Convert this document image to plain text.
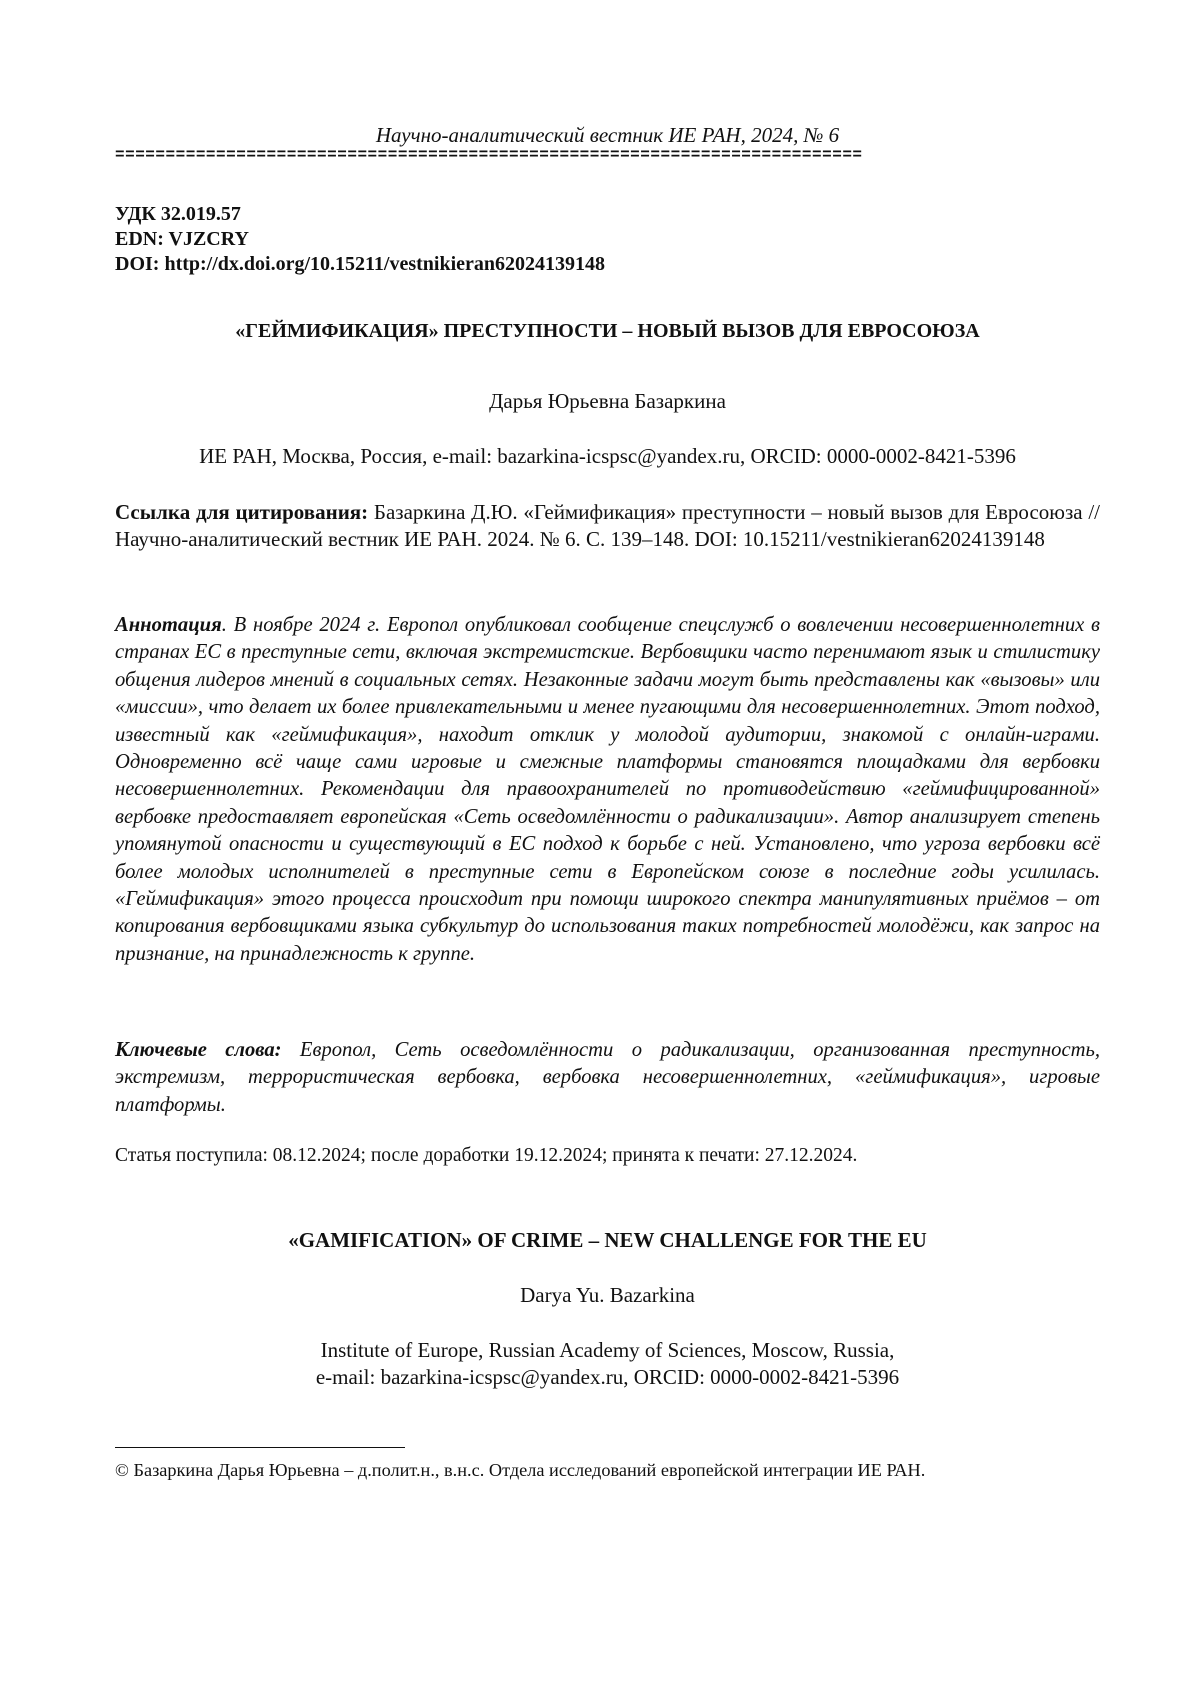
Научно-аналитический вестник ИЕ РАН, 2024, № 6
==========================================================================
УДК 32.019.57
EDN: VJZCRY
DOI: http://dx.doi.org/10.15211/vestnikieran62024139148
«ГЕЙМИФИКАЦИЯ» ПРЕСТУПНОСТИ – НОВЫЙ ВЫЗОВ ДЛЯ ЕВРОСОЮЗА
Дарья Юрьевна Базаркина
ИЕ РАН, Москва, Россия, e-mail: bazarkina-icspsc@yandex.ru, ORCID: 0000-0002-8421-5396
Ссылка для цитирования: Базаркина Д.Ю. «Геймификация» преступности – новый вызов для Евросоюза // Научно-аналитический вестник ИЕ РАН. 2024. № 6. С. 139–148. DOI: 10.15211/vestnikieran62024139148
Аннотация. В ноябре 2024 г. Европол опубликовал сообщение спецслужб о вовлечении несовершеннолетних в странах ЕС в преступные сети, включая экстремистские. Вербовщики часто перенимают язык и стилистику общения лидеров мнений в социальных сетях. Незаконные задачи могут быть представлены как «вызовы» или «миссии», что делает их более привлекательными и менее пугающими для несовершеннолетних. Этот подход, известный как «геймификация», находит отклик у молодой аудитории, знакомой с онлайн-играми. Одновременно всё чаще сами игровые и смежные платформы становятся площадками для вербовки несовершеннолетних. Рекомендации для правоохранителей по противодействию «геймифицированной» вербовке предоставляет европейская «Сеть осведомлённости о радикализации». Автор анализирует степень упомянутой опасности и существующий в ЕС подход к борьбе с ней. Установлено, что угроза вербовки всё более молодых исполнителей в преступные сети в Европейском союзе в последние годы усилилась. «Геймификация» этого процесса происходит при помощи широкого спектра манипулятивных приёмов – от копирования вербовщиками языка субкультур до использования таких потребностей молодёжи, как запрос на признание, на принадлежность к группе.
Ключевые слова: Европол, Сеть осведомлённости о радикализации, организованная преступность, экстремизм, террористическая вербовка, вербовка несовершеннолетних, «геймификация», игровые платформы.
Статья поступила: 08.12.2024; после доработки 19.12.2024; принята к печати: 27.12.2024.
«GAMIFICATION» OF CRIME – NEW CHALLENGE FOR THE EU
Darya Yu. Bazarkina
Institute of Europe, Russian Academy of Sciences, Moscow, Russia,
e-mail: bazarkina-icspsc@yandex.ru, ORCID: 0000-0002-8421-5396
© Базаркина Дарья Юрьевна – д.полит.н., в.н.с. Отдела исследований европейской интеграции ИЕ РАН.
